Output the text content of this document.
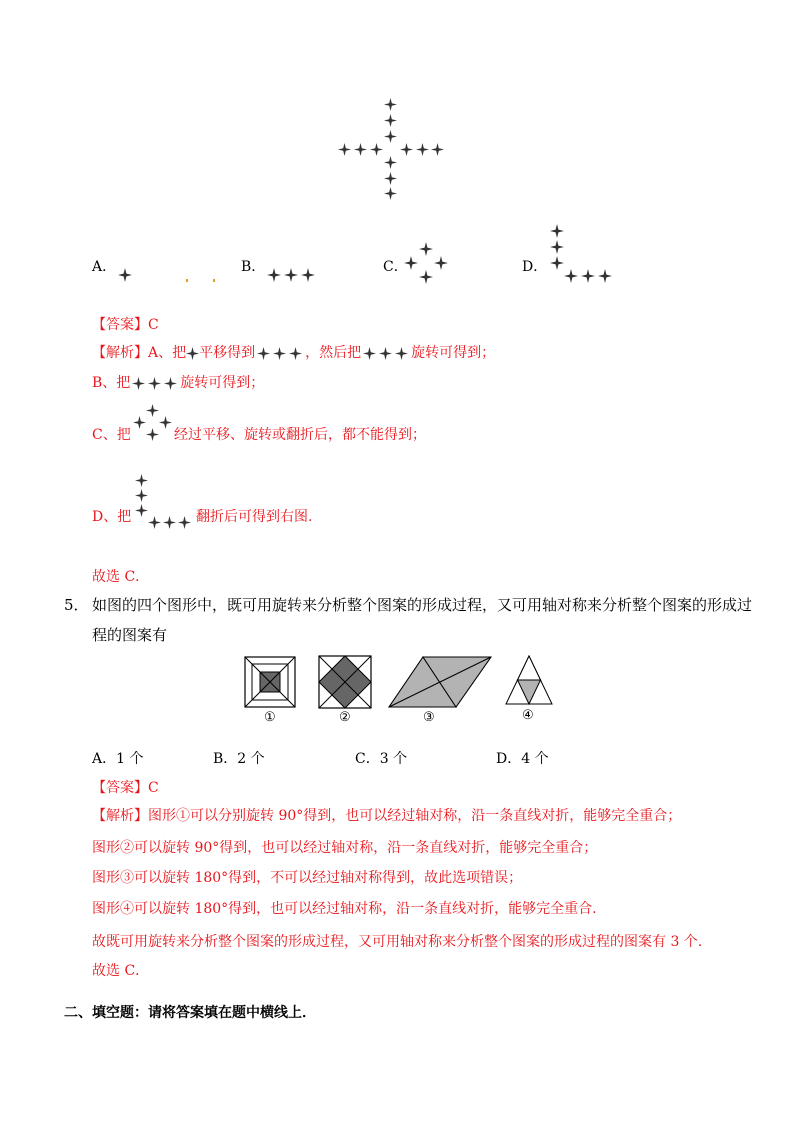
A．	B．	C．	D．
【答案】C
【解析】A、把 平移得到	，然后把	旋转可得到；
B、把	旋转可得到；
C、把	经过平移、旋转或翻折后，都不能得到；
D、把	翻折后可得到右图.
故选 C．
5． 如图的四个图形中，既可用旋转来分析整个图案的形成过程，又可用轴对称来分析整个图案的形成过
程的图案有
①	②	③	④
A．1 个	B．2 个	C．3 个	D．4 个
【答案】C
【解析】图形①可以分别旋转 90°得到，也可以经过轴对称，沿一条直线对折，能够完全重合；
图形②可以旋转 90°得到，也可以经过轴对称，沿一条直线对折，能够完全重合；
图形③可以旋转 180°得到，不可以经过轴对称得到，故此选项错误；
图形④可以旋转 180°得到，也可以经过轴对称，沿一条直线对折，能够完全重合.
故既可用旋转来分析整个图案的形成过程，又可用轴对称来分析整个图案的形成过程的图案有 3 个.
故选 C．
二、填空题：请将答案填在题中横线上．
